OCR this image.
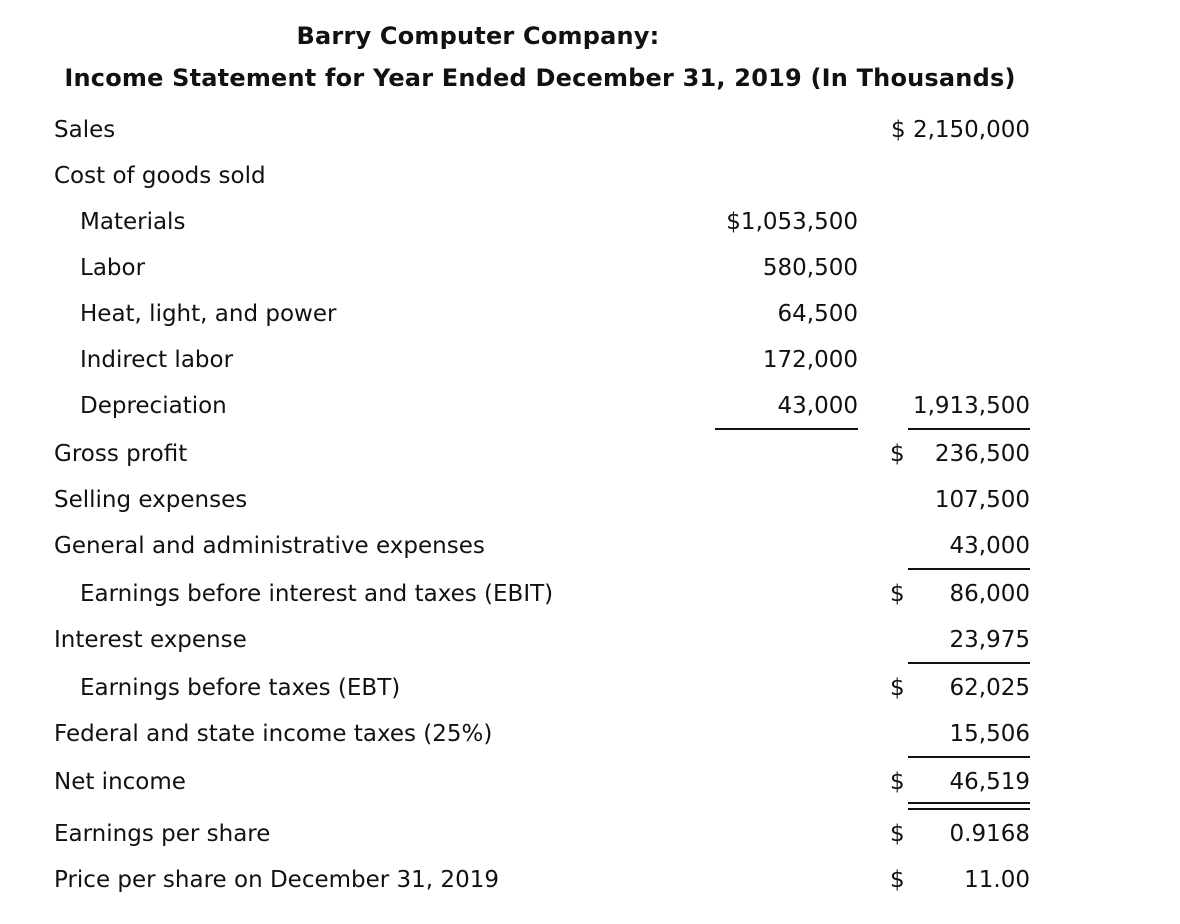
Barry Computer Company:
Income Statement for Year Ended December 31, 2019 (In Thousands)
Sales	$ 2,150,000
Cost of goods sold
Materials	$1,053,500
Labor	580,500
Heat, light, and power	64,500
Indirect labor	172,000
Depreciation	43,000 1,913,500
Gross profit	$ 236,500
Selling expenses	107,500
General and administrative expenses	43,000
Earnings before interest and taxes (EBIT)	$ 86,000
Interest expense	23,975
Earnings before taxes (EBT)	$ 62,025
Federal and state income taxes (25%)	15,506
Net income	$ 46,519
Earnings per share	$ 0.9168
Price per share on December 31, 2019	$	11.00
